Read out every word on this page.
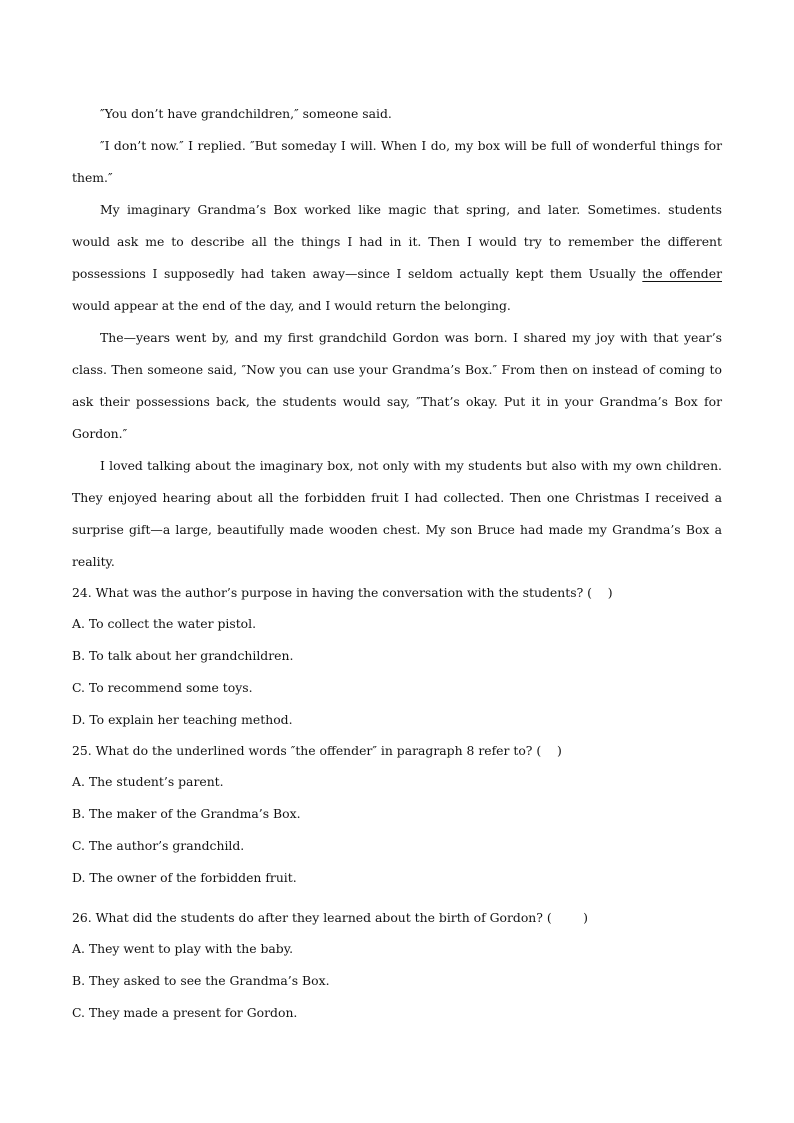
″You don’t have grandchildren,″ someone said.

″I don’t now.″ I replied. ″But someday I will. When I do, my box will be full of wonderful things for them.″

My imaginary Grandma’s Box worked like magic that spring, and later. Sometimes. students would ask me to describe all the things I had in it. Then I would try to remember the different possessions I supposedly had taken away—since I seldom actually kept them Usually the offender would appear at the end of the day, and I would return the belonging.

The—years went by, and my first grandchild Gordon was born. I shared my joy with that year’s class. Then someone said, ″Now you can use your Grandma’s Box.″ From then on instead of coming to ask their possessions back, the students would say, ″That’s okay. Put it in your Grandma’s Box for Gordon.″

I loved talking about the imaginary box, not only with my students but also with my own children. They enjoyed hearing about all the forbidden fruit I had collected. Then one Christmas I received a surprise gift—a large, beautifully made wooden chest. My son Bruce had made my Grandma’s Box a reality.

24. What was the author’s purpose in having the conversation with the students? (    )

A. To collect the water pistol.

B. To talk about her grandchildren.

C. To recommend some toys.

D. To explain her teaching method.

25. What do the underlined words ″the offender″ in paragraph 8 refer to? (    )

A. The student’s parent.

B. The maker of the Grandma’s Box.

C. The author’s grandchild.

D. The owner of the forbidden fruit.

26. What did the students do after they learned about the birth of Gordon? (        )

A. They went to play with the baby.

B. They asked to see the Grandma’s Box.

C. They made a present for Gordon.
